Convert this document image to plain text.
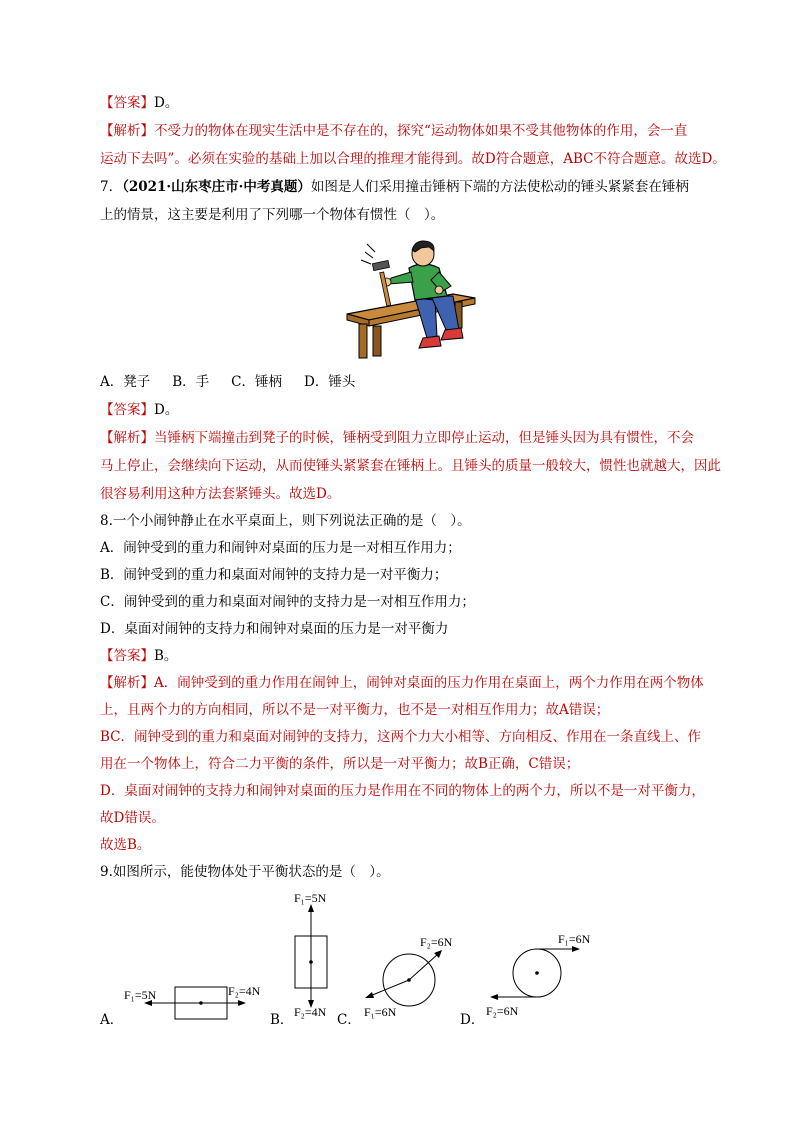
【答案】D。
【解析】不受力的物体在现实生活中是不存在的，探究“运动物体如果不受其他物体的作用，会一直
运动下去吗”。必须在实验的基础上加以合理的推理才能得到。故D符合题意，ABC不符合题意。故选D。
7．（2021·山东枣庄市·中考真题）如图是人们采用撞击锤柄下端的方法使松动的锤头紧紧套在锤柄
上的情景，这主要是利用了下列哪一个物体有惯性（　）。
A．凳子 B．手 C．锤柄 D．锤头
【答案】D。
【解析】当锤柄下端撞击到凳子的时候，锤柄受到阻力立即停止运动，但是锤头因为具有惯性，不会
马上停止，会继续向下运动，从而使锤头紧紧套在锤柄上。且锤头的质量一般较大，惯性也就越大，因此
很容易利用这种方法套紧锤头。故选D。
8.一个小闹钟静止在水平桌面上，则下列说法正确的是（　）。
A．闹钟受到的重力和闹钟对桌面的压力是一对相互作用力；
B．闹钟受到的重力和桌面对闹钟的支持力是一对平衡力；
C．闹钟受到的重力和桌面对闹钟的支持力是一对相互作用力；
D．桌面对闹钟的支持力和闹钟对桌面的压力是一对平衡力
【答案】B。
【解析】A．闹钟受到的重力作用在闹钟上，闹钟对桌面的压力作用在桌面上，两个力作用在两个物体
上，且两个力的方向相同，所以不是一对平衡力，也不是一对相互作用力；故A错误；
BC．闹钟受到的重力和桌面对闹钟的支持力，这两个力大小相等、方向相反、作用在一条直线上、作
用在一个物体上，符合二力平衡的条件，所以是一对平衡力；故B正确，C错误；
D．桌面对闹钟的支持力和闹钟对桌面的压力是作用在不同的物体上的两个力，所以不是一对平衡力，
故D错误。
故选B。
9.如图所示，能使物体处于平衡状态的是（　）。
A．
F₁=5N	F₂=4N
B．
F₁=5N
F₂=4N C．
F₂=6N
F₁=6N	D．
F₁=6N
F₂=6N
